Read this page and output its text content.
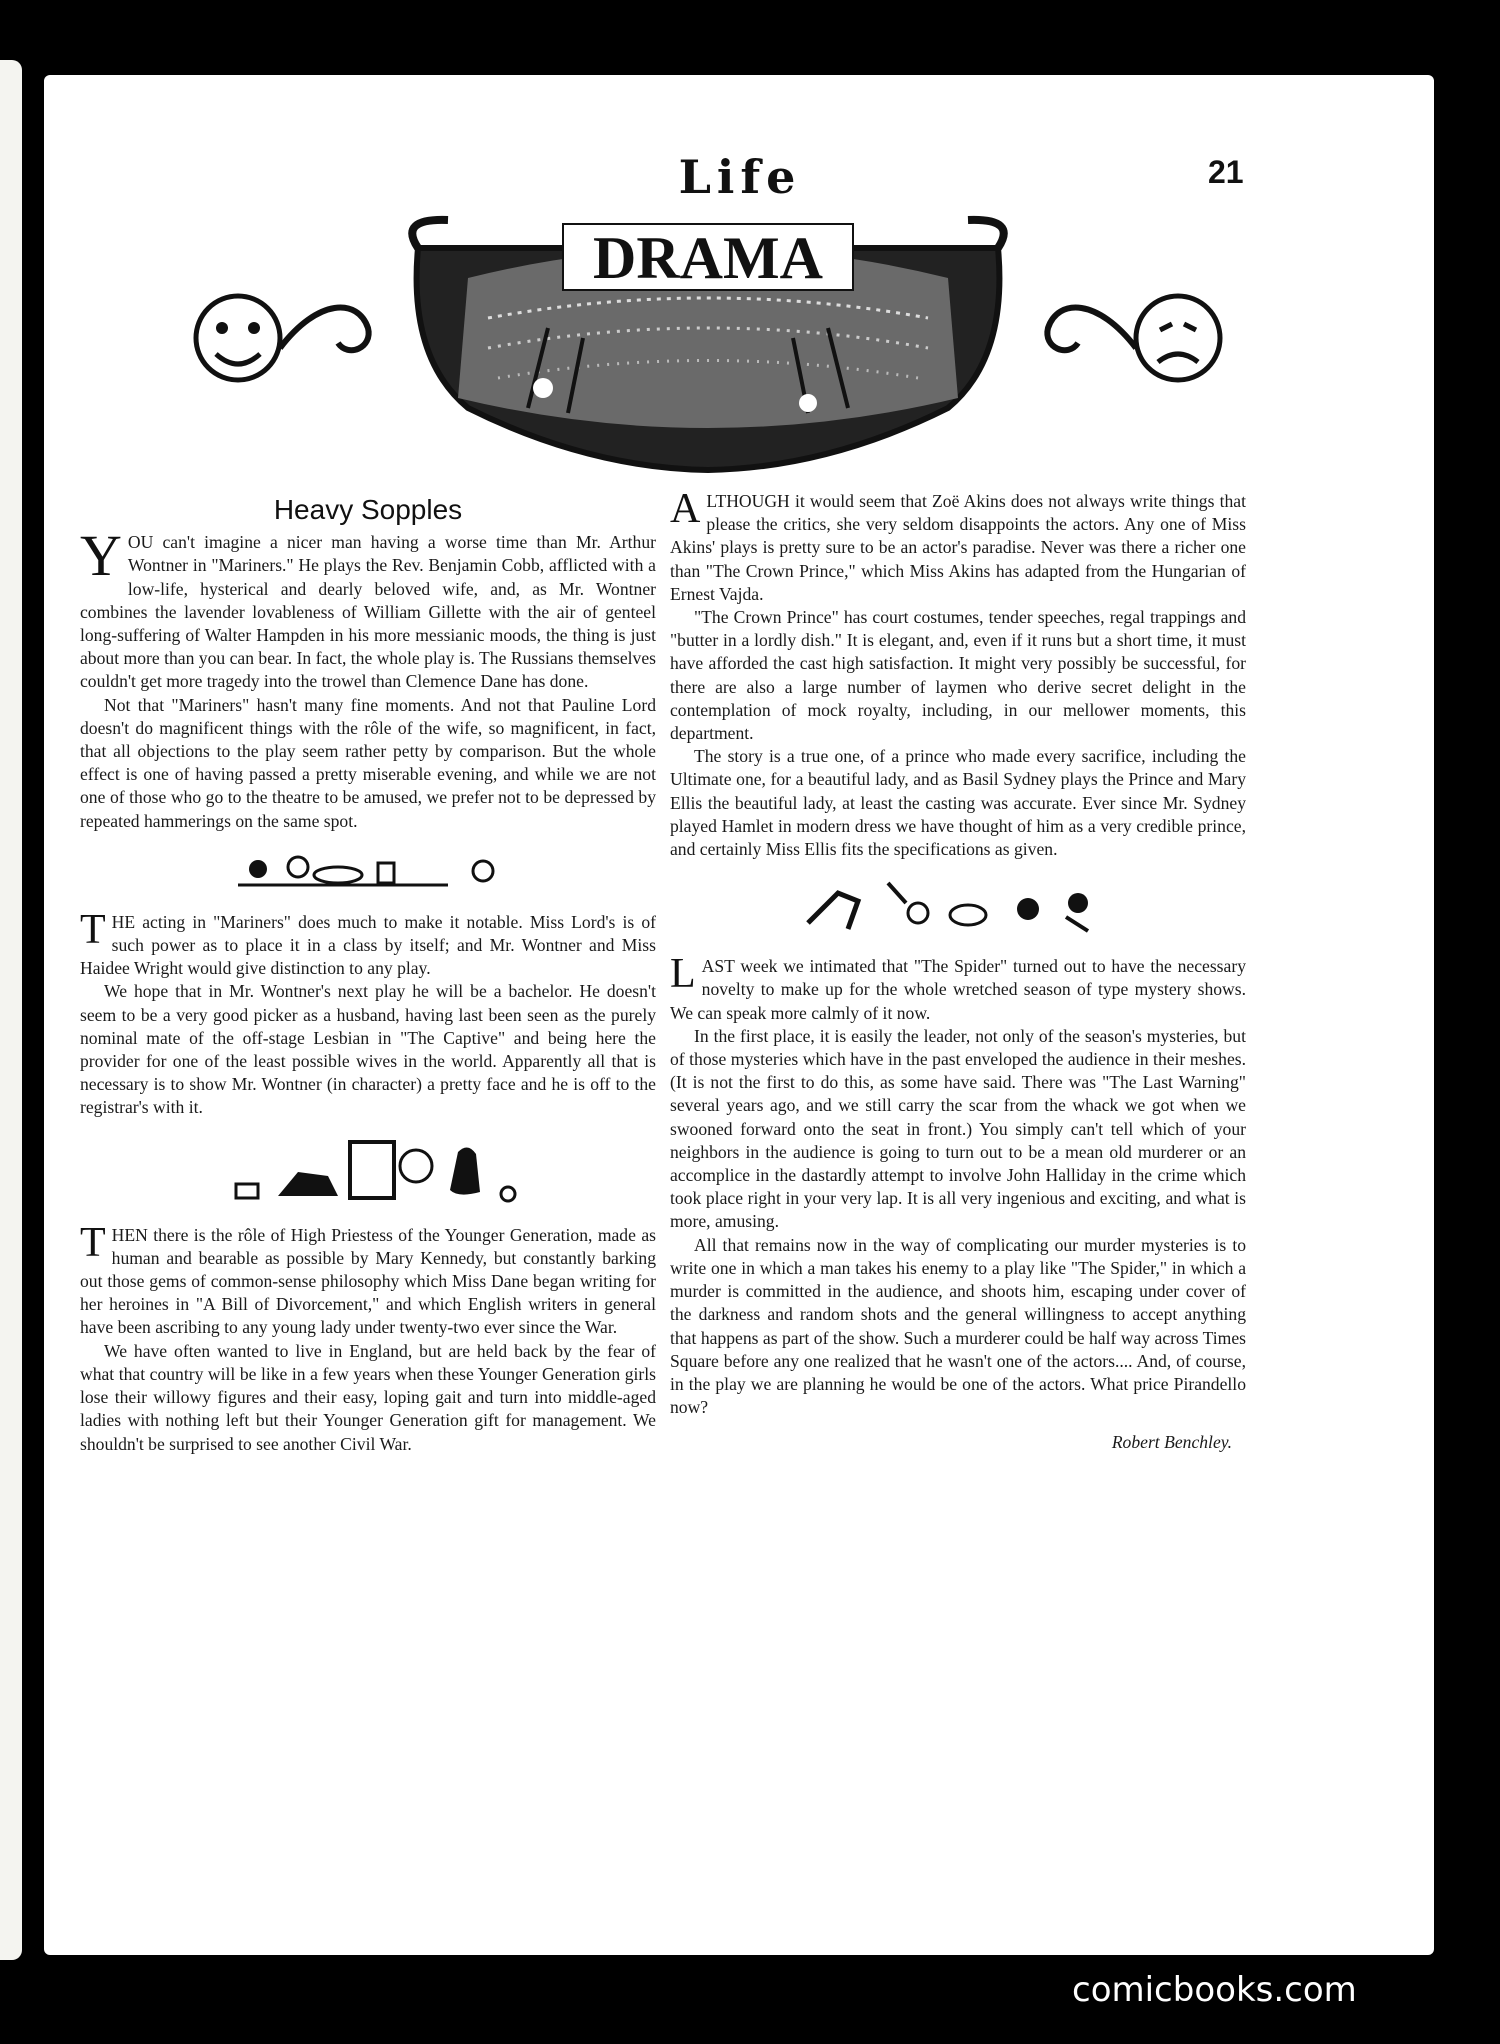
Life	21
DRAMA
Heavy Sopples

YOU can't imagine a nicer man having a worse time than Mr. Arthur Wontner in "Mariners." He plays the Rev. Benjamin Cobb, afflicted with a low-life, hysterical and dearly beloved wife, and, as Mr. Wontner combines the lavender lovableness of William Gillette with the air of genteel long-suffering of Walter Hampden in his more messianic moods, the thing is just about more than you can bear. In fact, the whole play is. The Russians themselves couldn't get more tragedy into the trowel than Clemence Dane has done.

Not that "Mariners" hasn't many fine moments. And not that Pauline Lord doesn't do magnificent things with the rôle of the wife, so magnificent, in fact, that all objections to the play seem rather petty by comparison. But the whole effect is one of having passed a pretty miserable evening, and while we are not one of those who go to the theatre to be amused, we prefer not to be depressed by repeated hammerings on the same spot.

THE acting in "Mariners" does much to make it notable. Miss Lord's is of such power as to place it in a class by itself; and Mr. Wontner and Miss Haidee Wright would give distinction to any play.

We hope that in Mr. Wontner's next play he will be a bachelor. He doesn't seem to be a very good picker as a husband, having last been seen as the purely nominal mate of the off-stage Lesbian in "The Captive" and being here the provider for one of the least possible wives in the world. Apparently all that is necessary is to show Mr. Wontner (in character) a pretty face and he is off to the registrar's with it.

THEN there is the rôle of High Priestess of the Younger Generation, made as human and bearable as possible by Mary Kennedy, but constantly barking out those gems of common-sense philosophy which Miss Dane began writing for her heroines in "A Bill of Divorcement," and which English writers in general have been ascribing to any young lady under twenty-two ever since the War.

We have often wanted to live in England, but are held back by the fear of what that country will be like in a few years when these Younger Generation girls lose their willowy figures and their easy, loping gait and turn into middle-aged ladies with nothing left but their Younger Generation gift for management. We shouldn't be surprised to see another Civil War.

ALTHOUGH it would seem that Zoë Akins does not always write things that please the critics, she very seldom disappoints the actors. Any one of Miss Akins' plays is pretty sure to be an actor's paradise. Never was there a richer one than "The Crown Prince," which Miss Akins has adapted from the Hungarian of Ernest Vajda.

"The Crown Prince" has court costumes, tender speeches, regal trappings and "butter in a lordly dish." It is elegant, and, even if it runs but a short time, it must have afforded the cast high satisfaction. It might very possibly be successful, for there are also a large number of laymen who derive secret delight in the contemplation of mock royalty, including, in our mellower moments, this department.

The story is a true one, of a prince who made every sacrifice, including the Ultimate one, for a beautiful lady, and as Basil Sydney plays the Prince and Mary Ellis the beautiful lady, at least the casting was accurate. Ever since Mr. Sydney played Hamlet in modern dress we have thought of him as a very credible prince, and certainly Miss Ellis fits the specifications as given.

LAST week we intimated that "The Spider" turned out to have the necessary novelty to make up for the whole wretched season of type mystery shows. We can speak more calmly of it now.

In the first place, it is easily the leader, not only of the season's mysteries, but of those mysteries which have in the past enveloped the audience in their meshes. (It is not the first to do this, as some have said. There was "The Last Warning" several years ago, and we still carry the scar from the whack we got when we swooned forward onto the seat in front.) You simply can't tell which of your neighbors in the audience is going to turn out to be a mean old murderer or an accomplice in the dastardly attempt to involve John Halliday in the crime which took place right in your very lap. It is all very ingenious and exciting, and what is more, amusing.

All that remains now in the way of complicating our murder mysteries is to write one in which a man takes his enemy to a play like "The Spider," in which a murder is committed in the audience, and shoots him, escaping under cover of the darkness and random shots and the general willingness to accept anything that happens as part of the show. Such a murderer could be half way across Times Square before any one realized that he wasn't one of the actors.... And, of course, in the play we are planning he would be one of the actors. What price Pirandello now?

Robert Benchley.

comicbooks.com
